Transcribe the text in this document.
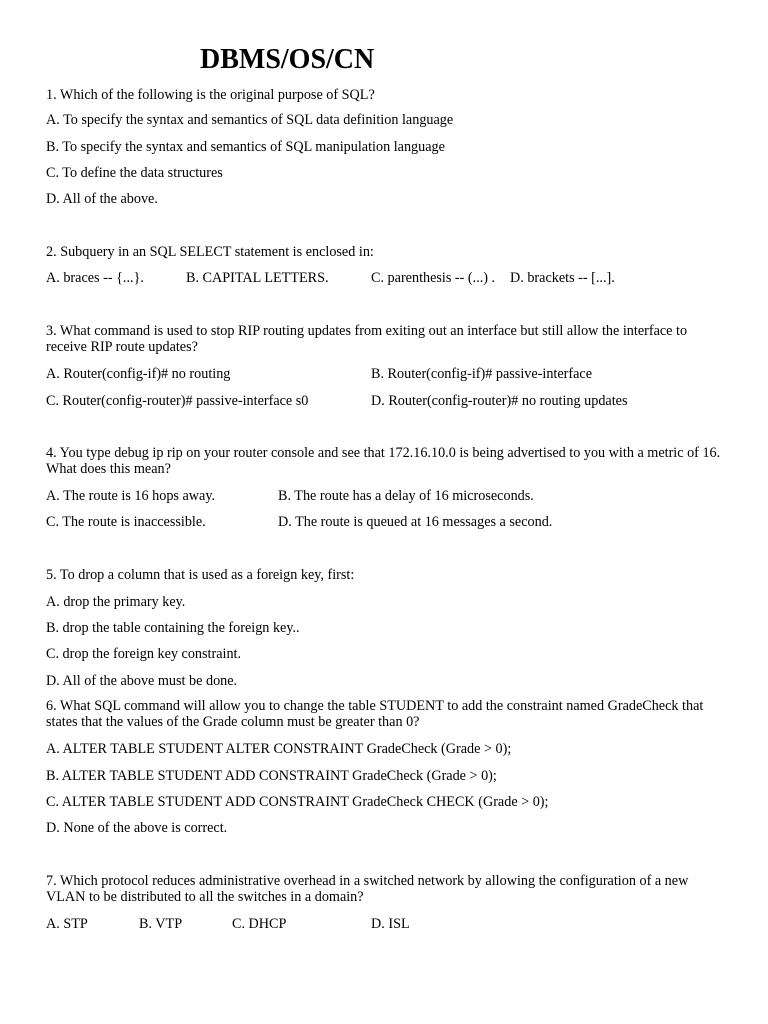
DBMS/OS/CN
1. Which of the following is the original purpose of SQL?
A. To specify the syntax and semantics of SQL data definition language
B. To specify the syntax and semantics of SQL manipulation language
C. To define the data structures
D. All of the above.
2. Subquery in an SQL SELECT statement is enclosed in:
A. braces -- {...}.	B. CAPITAL LETTERS.	C. parenthesis -- (...) . D. brackets -- [...].
3. What command is used to stop RIP routing updates from exiting out an interface but still allow the interface to receive RIP route updates?
A. Router(config-if)# no routing	B. Router(config-if)# passive-interface
C. Router(config-router)# passive-interface s0	D. Router(config-router)# no routing updates
4. You type debug ip rip on your router console and see that 172.16.10.0 is being advertised to you with a metric of 16. What does this mean?
A. The route is 16 hops away.	B. The route has a delay of 16 microseconds.
C. The route is inaccessible.	D. The route is queued at 16 messages a second.
5. To drop a column that is used as a foreign key, first:
A. drop the primary key.
B. drop the table containing the foreign key..
C. drop the foreign key constraint.
D. All of the above must be done.
6. What SQL command will allow you to change the table STUDENT to add the constraint named GradeCheck that states that the values of the Grade column must be greater than 0?
A. ALTER TABLE STUDENT ALTER CONSTRAINT GradeCheck (Grade > 0);
B. ALTER TABLE STUDENT ADD CONSTRAINT GradeCheck (Grade > 0);
C. ALTER TABLE STUDENT ADD CONSTRAINT GradeCheck CHECK (Grade > 0);
D. None of the above is correct.
7. Which protocol reduces administrative overhead in a switched network by allowing the configuration of a new VLAN to be distributed to all the switches in a domain?
A. STP	B. VTP	C. DHCP	D. ISL
